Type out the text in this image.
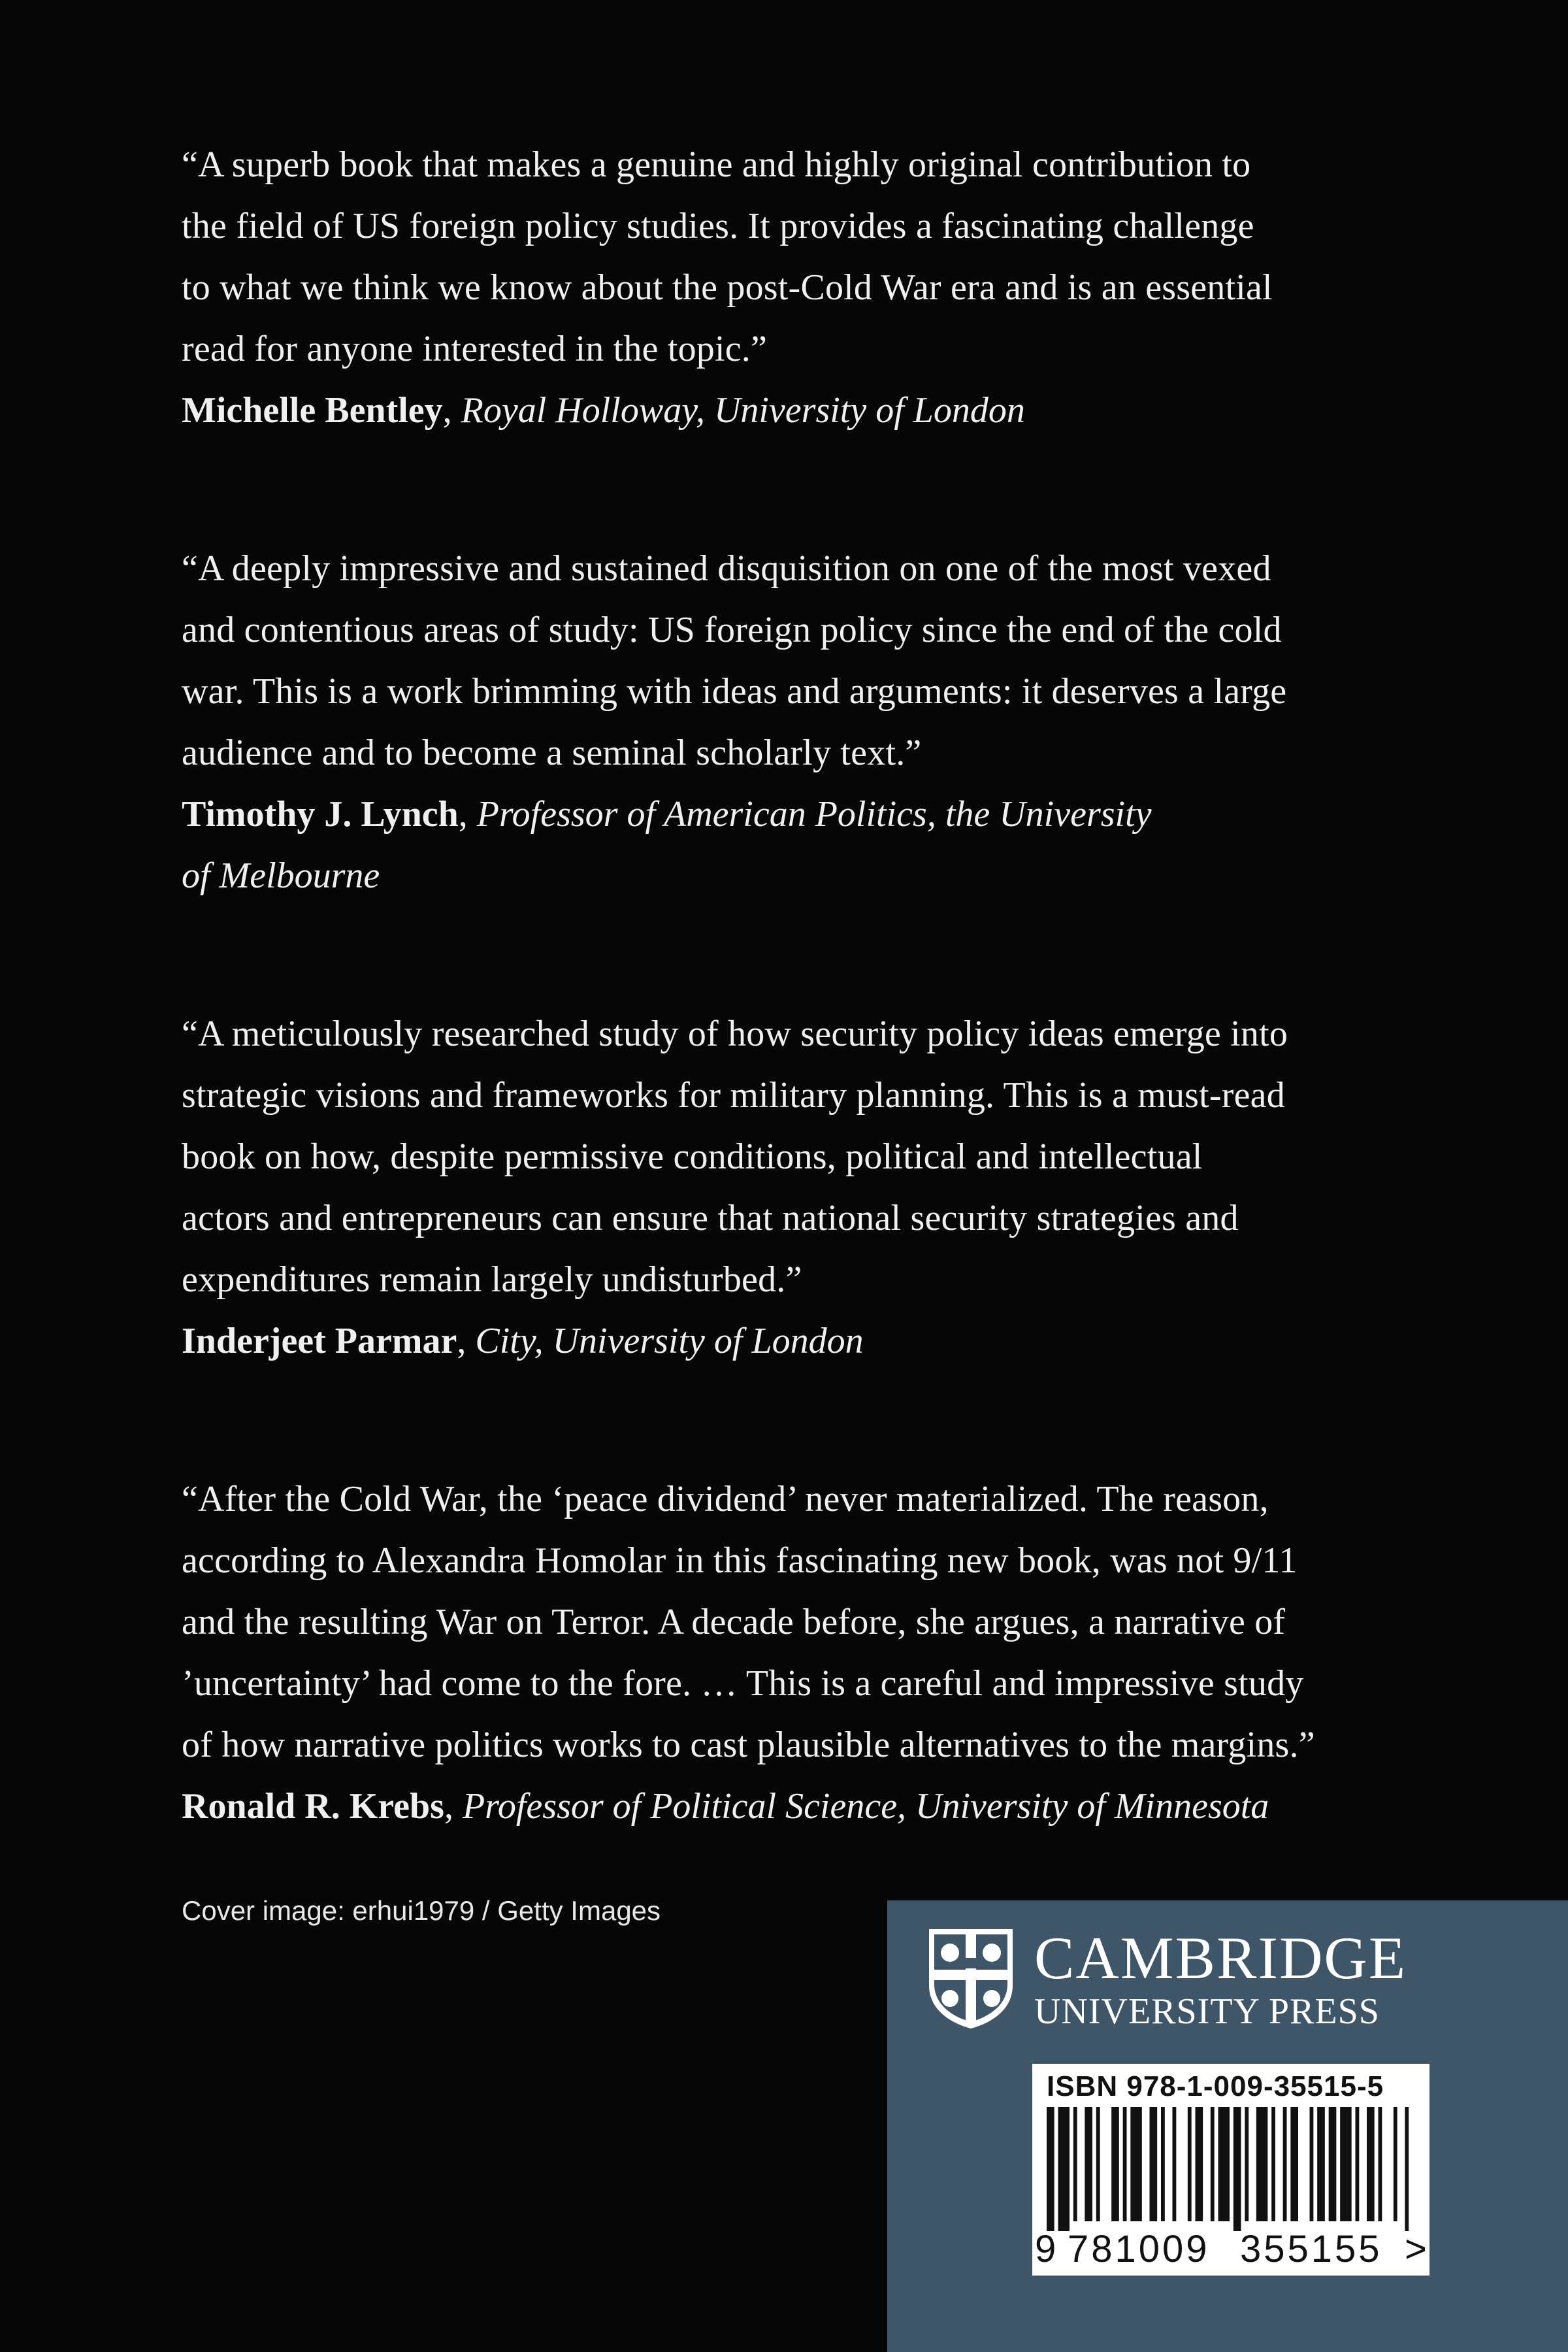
“A superb book that makes a genuine and highly original contribution to

the field of US foreign policy studies. It provides a fascinating challenge

to what we think we know about the post-Cold War era and is an essential

read for anyone interested in the topic.”

Michelle Bentley, Royal Holloway, University of London

“A deeply impressive and sustained disquisition on one of the most vexed

and contentious areas of study: US foreign policy since the end of the cold

war. This is a work brimming with ideas and arguments: it deserves a large

audience and to become a seminal scholarly text.”

Timothy J. Lynch, Professor of American Politics, the University
of Melbourne

“A meticulously researched study of how security policy ideas emerge into

strategic visions and frameworks for military planning. This is a must-read

book on how, despite permissive conditions, political and intellectual

actors and entrepreneurs can ensure that national security strategies and

expenditures remain largely undisturbed.”

Inderjeet Parmar, City, University of London

“After the Cold War, the ‘peace dividend’ never materialized. The reason,

according to Alexandra Homolar in this fascinating new book, was not 9/11

and the resulting War on Terror. A decade before, she argues, a narrative of

’uncertainty’ had come to the fore. … This is a careful and impressive study

of how narrative politics works to cast plausible alternatives to the margins.”

Ronald R. Krebs, Professor of Political Science, University of Minnesota
Cover image: erhui1979 / Getty Images
CAMBRIDGE
UNIVERSITY PRESS
ISBN 978-1-009-35515-5
9 781009 355155 >
